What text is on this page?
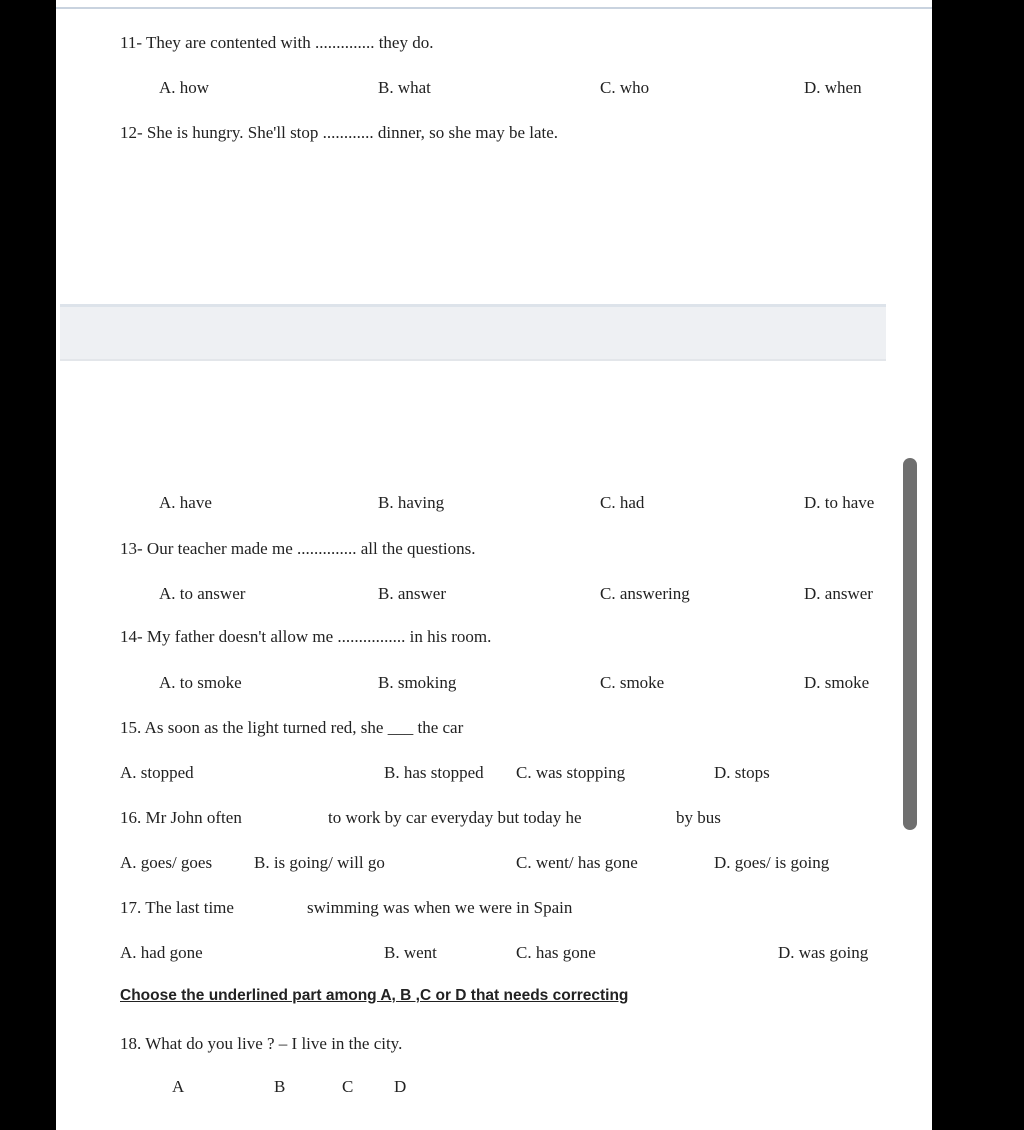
11- They are contented with .............. they do.
A. how	B. what	C. who	D. when
12- She is hungry. She'll stop ............ dinner, so she may be late.
A. have	B. having	C. had	D. to have
13- Our teacher made me .............. all the questions.
A. to answer	B. answer	C. answering	D. answer
14- My father doesn't allow me ................ in his room.
A. to smoke	B. smoking	C. smoke	D. smoke
15. As soon as the light turned red, she ___ the car
A. stopped	B. has stopped C. was stopping	D. stops
16. Mr John often	to work by car everyday but today he	by bus
A. goes/ goes B. is going/ will go	C. went/ has gone	D. goes/ is going
17. The last time	swimming was when we were in Spain
A. had gone	B. went	C. has gone	D. was going
Choose the underlined part among A, B ,C or D that needs correcting
18. What do you live ? – I live in the city.
A	B	C D
